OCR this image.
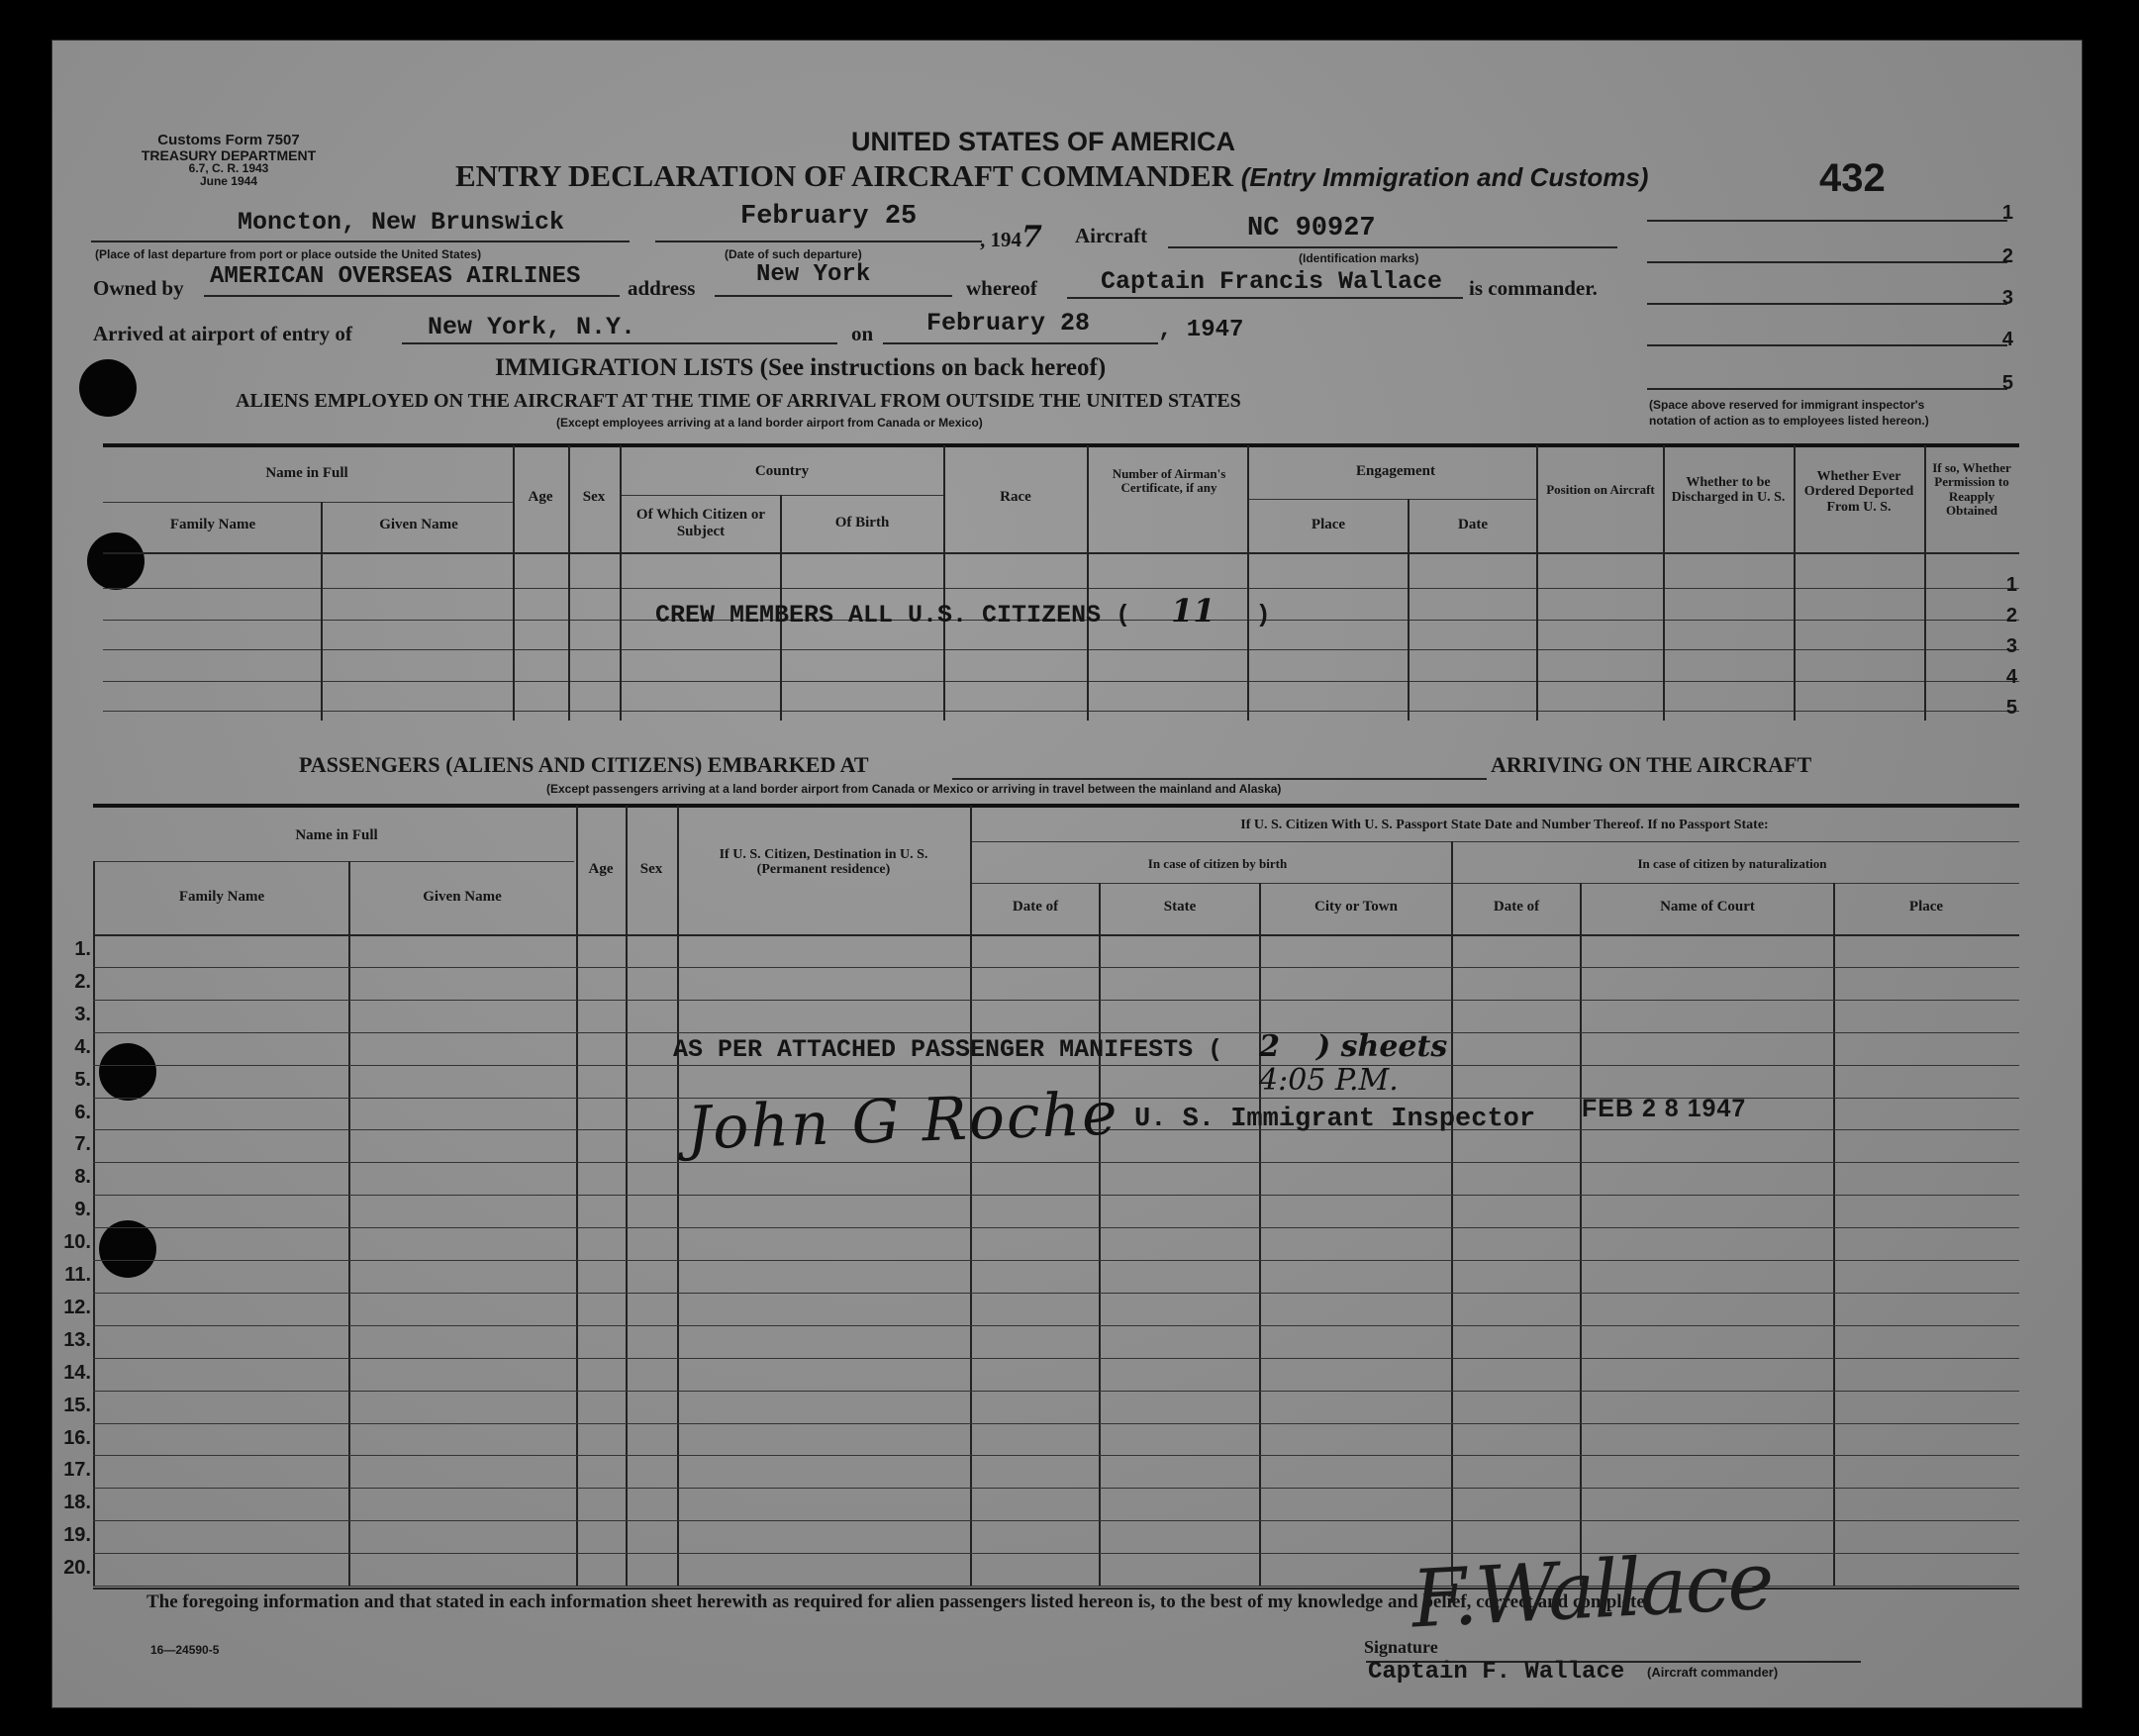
Customs Form 7507
TREASURY DEPARTMENT
6.7, C. R. 1943
June 1944
UNITED STATES OF AMERICA
ENTRY DECLARATION OF AIRCRAFT COMMANDER (Entry Immigration and Customs)	432
Moncton, New Brunswick
(Place of last departure from port or place outside the United States)
February 25
(Date of such departure)
, 1947 Aircraft	NC 90927
(Identification marks)
Owned by AMERICAN OVERSEAS AIRLINES address	New York	whereof	Captain Francis Wallace is commander.
Arrived at airport of entry of	New York, N.Y.	on February 28	, 1947
1
2
3
4
5
(Space above reserved for immigrant inspector's
notation of action as to employees listed hereon.)
IMMIGRATION LISTS (See instructions on back hereof)
ALIENS EMPLOYED ON THE AIRCRAFT AT THE TIME OF ARRIVAL FROM OUTSIDE THE UNITED STATES
(Except employees arriving at a land border airport from Canada or Mexico)
Name in Full
Family Name	Given Name
Age	Sex
Country
Of Which Citizen or Subject
Of Birth
Race
Number of Airman's Certificate, if any
Engagement
Place	Date
Position on Aircraft	Whether to be Discharged in U. S.
Whether Ever Ordered Deported From U. S.
If so, Whether Permission to Reapply Obtained
1
2
3
4
5
CREW MEMBERS ALL U.S. CITIZENS ( 11 )
PASSENGERS (ALIENS AND CITIZENS) EMBARKED AT	ARRIVING ON THE AIRCRAFT
(Except passengers arriving at a land border airport from Canada or Mexico or arriving in travel between the mainland and Alaska)
Name in Full
Family Name	Given Name
Age	Sex
If U. S. Citizen, Destination in U. S. (Permanent residence)
If U. S. Citizen With U. S. Passport State Date and Number Thereof. If no Passport State:
In case of citizen by birth	In case of citizen by naturalization
Date of	State	City or Town	Date of	Name of Court	Place
1.
2.
3.
4.
5.
6.
7.
8.
9.
10.
11.
12.
13.
14.
15.
16.
17.
18.
19.
20.
AS PER ATTACHED PASSENGER MANIFESTS ( 2 ) sheets
4:05 P.M.
John G Roche U. S. Immigrant Inspector FEB 2 8 1947
The foregoing information and that stated in each information sheet herewith as required for alien passengers listed hereon is, to the best of my knowledge and belief, correct and complete.
16—24590-5
F.Wallace
Signature
Captain F. Wallace (Aircraft commander)
